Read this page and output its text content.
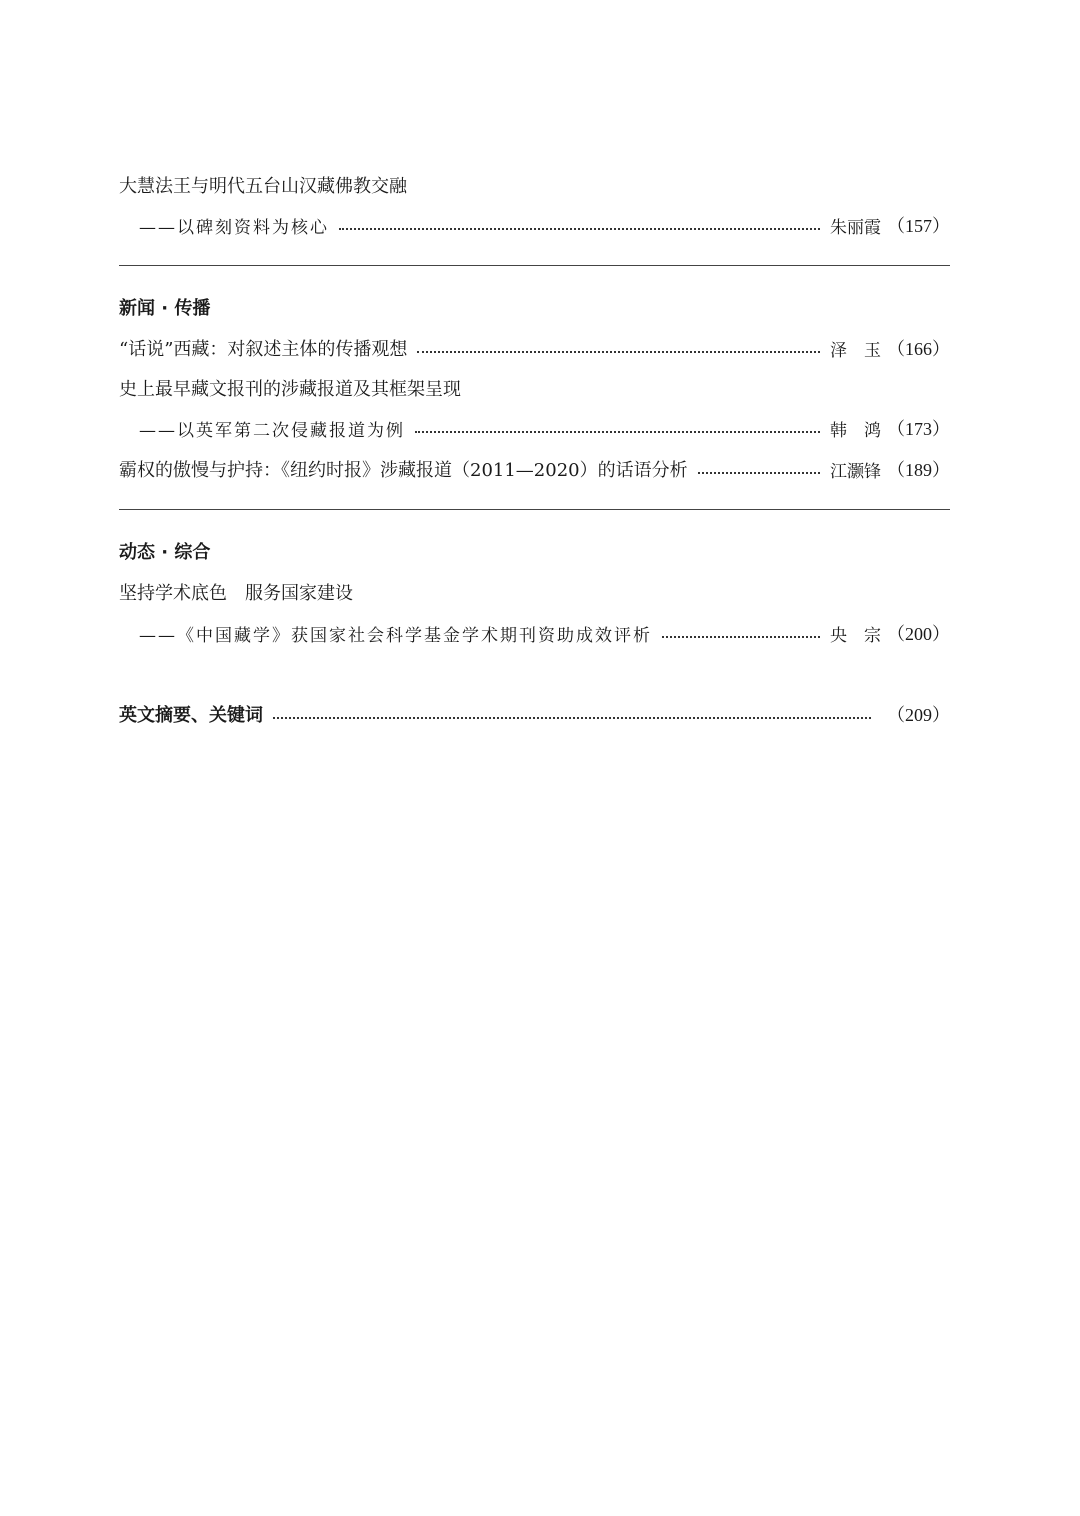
大慧法王与明代五台山汉藏佛教交融
——以碑刻资料为核心	朱丽霞 （157）
新闻 · 传播
“话说”西藏：对叙述主体的传播观想	泽　玉 （166）
史上最早藏文报刊的涉藏报道及其框架呈现
——以英军第二次侵藏报道为例	韩　鸿 （173）
霸权的傲慢与护持：《纽约时报》涉藏报道（2011—2020）的话语分析	江灏锋 （189）
动态 · 综合
坚持学术底色　服务国家建设
——《中国藏学》获国家社会科学基金学术期刊资助成效评析	央　宗 （200）
英文摘要、关键词	（209）
